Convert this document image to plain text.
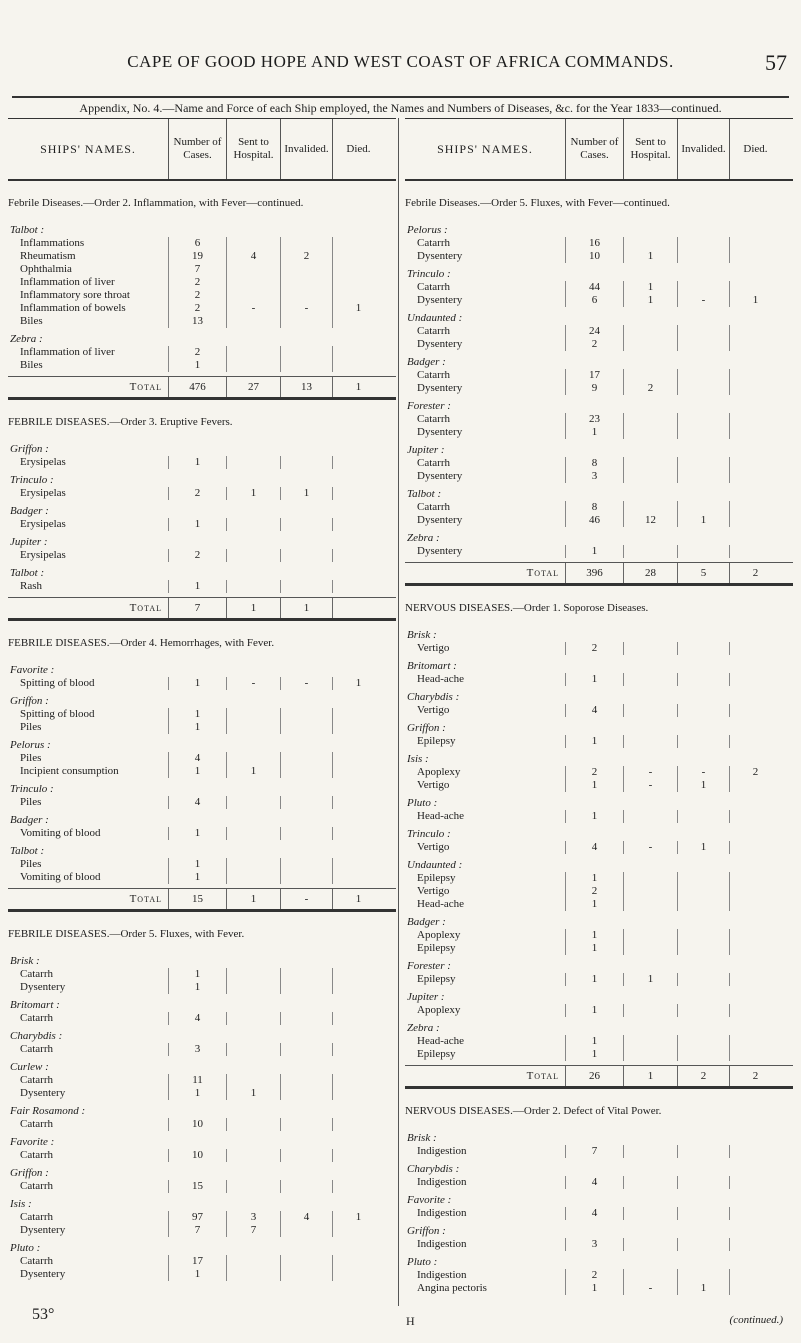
CAPE OF GOOD HOPE AND WEST COAST OF AFRICA COMMANDS.	57
Appendix, No. 4.—Name and Force of each Ship employed, the Names and Numbers of Diseases, &c. for the Year 1833—continued.
SHIPS' NAMES.	Number of Cases.
Sent to Hospital.
Invalided.	Died.
Febrile Diseases.—Order 2. Inflammation, with Fever—continued.
Talbot :
Inflammations	6
Rheumatism	19	4	2
Ophthalmia	7
Inflammation of liver	2
Inflammatory sore throat	2
Inflammation of bowels	2	-	-	1
Biles	13
Zebra :
Inflammation of liver	2
Biles	1
Total	476	27	13	1
FEBRILE DISEASES.—Order 3. Eruptive Fevers.
Griffon :
Erysipelas	1
Trinculo :
Erysipelas	2	1	1
Badger :
Erysipelas	1
Jupiter :
Erysipelas	2
Talbot :
Rash	1
Total	7	1	1
FEBRILE DISEASES.—Order 4. Hemorrhages, with Fever.
Favorite :
Spitting of blood	1	-	-	1
Griffon :
Spitting of blood	1
Piles	1
Pelorus :
Piles	4
Incipient consumption	1	1
Trinculo :
Piles	4
Badger :
Vomiting of blood	1
Talbot :
Piles	1
Vomiting of blood	1
Total	15	1	-	1
FEBRILE DISEASES.—Order 5. Fluxes, with Fever.
Brisk :
Catarrh	1
Dysentery	1
Britomart :
Catarrh	4
Charybdis :
Catarrh	3
Curlew :
Catarrh	11
Dysentery	1	1
Fair Rosamond :
Catarrh	10
Favorite :
Catarrh	10
Griffon :
Catarrh	15
Isis :
Catarrh	97	3	4	1
Dysentery	7	7
Pluto :
Catarrh	17
Dysentery	1
SHIPS' NAMES.	Number of Cases.
Sent to Hospital.
Invalided.	Died.
Febrile Diseases.—Order 5. Fluxes, with Fever—continued.
Pelorus :
Catarrh	16
Dysentery	10	1
Trinculo :
Catarrh	44	1
Dysentery	6	1	-	1
Undaunted :
Catarrh	24
Dysentery	2
Badger :
Catarrh	17
Dysentery	9	2
Forester :
Catarrh	23
Dysentery	1
Jupiter :
Catarrh	8
Dysentery	3
Talbot :
Catarrh	8
Dysentery	46	12	1
Zebra :
Dysentery	1
Total	396	28	5	2
NERVOUS DISEASES.—Order 1. Soporose Diseases.
Brisk :
Vertigo	2
Britomart :
Head-ache	1
Charybdis :
Vertigo	4
Griffon :
Epilepsy	1
Isis :
Apoplexy	2	-	-	2
Vertigo	1	-	1
Pluto :
Head-ache	1
Trinculo :
Vertigo	4	-	1
Undaunted :
Epilepsy	1
Vertigo	2
Head-ache	1
Badger :
Apoplexy	1
Epilepsy	1
Forester :
Epilepsy	1	1
Jupiter :
Apoplexy	1
Zebra :
Head-ache	1
Epilepsy	1
Total	26	1	2	2
NERVOUS DISEASES.—Order 2. Defect of Vital Power.
Brisk :
Indigestion	7
Charybdis :
Indigestion	4
Favorite :
Indigestion	4
Griffon :
Indigestion	3
Pluto :
Indigestion	2
Angina pectoris	1	-	1
53°	H	(continued.)
